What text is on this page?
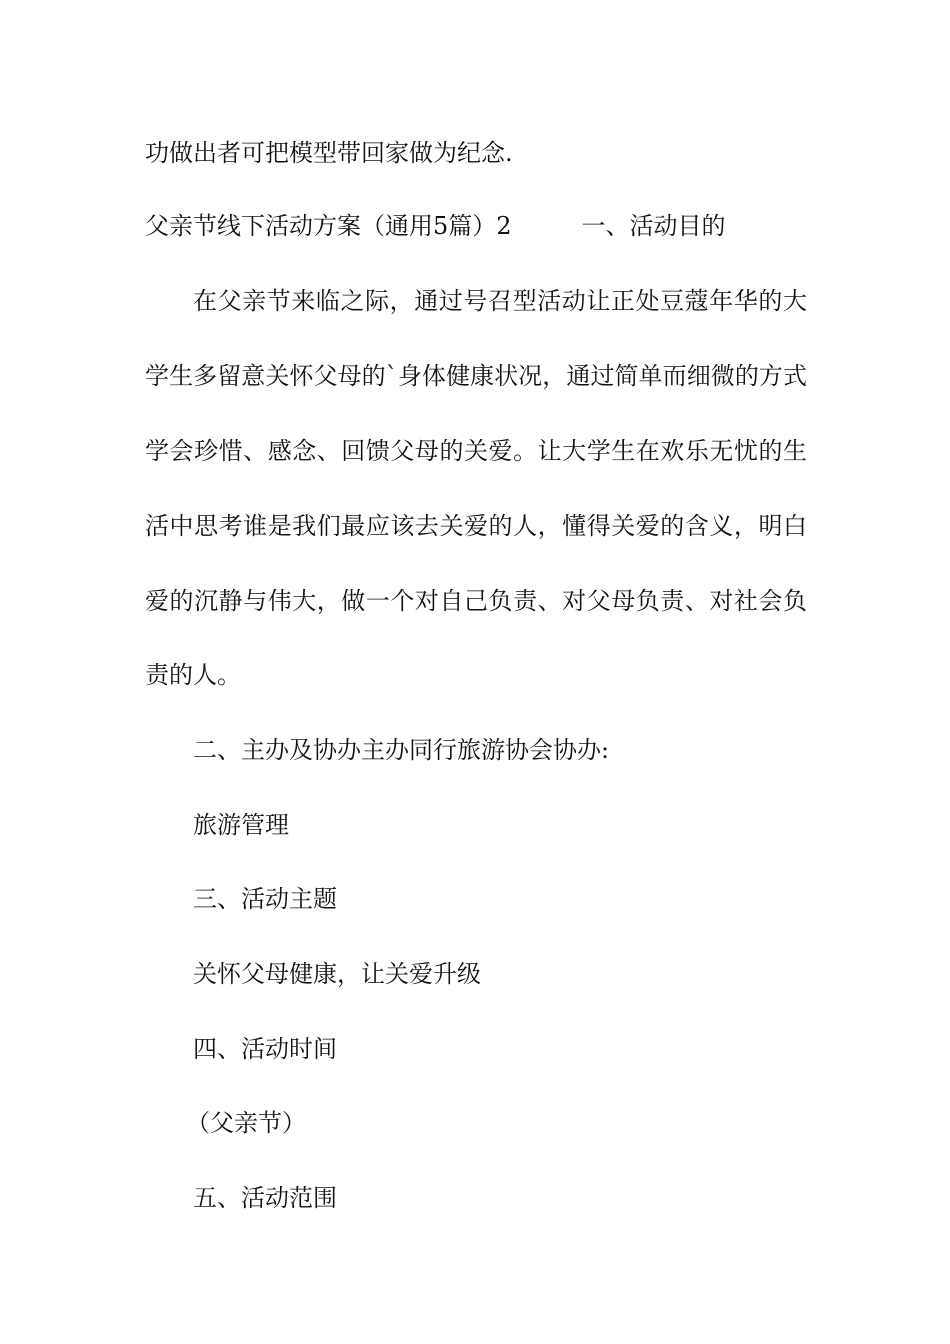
功做出者可把模型带回家做为纪念.
父亲节线下活动方案（通用5篇）2	一、活动目的
在父亲节来临之际，通过号召型活动让正处豆蔻年华的大
学生多留意关怀父母的`身体健康状况，通过简单而细微的方式
学会珍惜、感念、回馈父母的关爱。让大学生在欢乐无忧的生
活中思考谁是我们最应该去关爱的人，懂得关爱的含义，明白
爱的沉静与伟大，做一个对自己负责、对父母负责、对社会负
责的人。
二、主办及协办主办同行旅游协会协办:
旅游管理
三、活动主题
关怀父母健康，让关爱升级
四、活动时间
（父亲节）
五、活动范围
